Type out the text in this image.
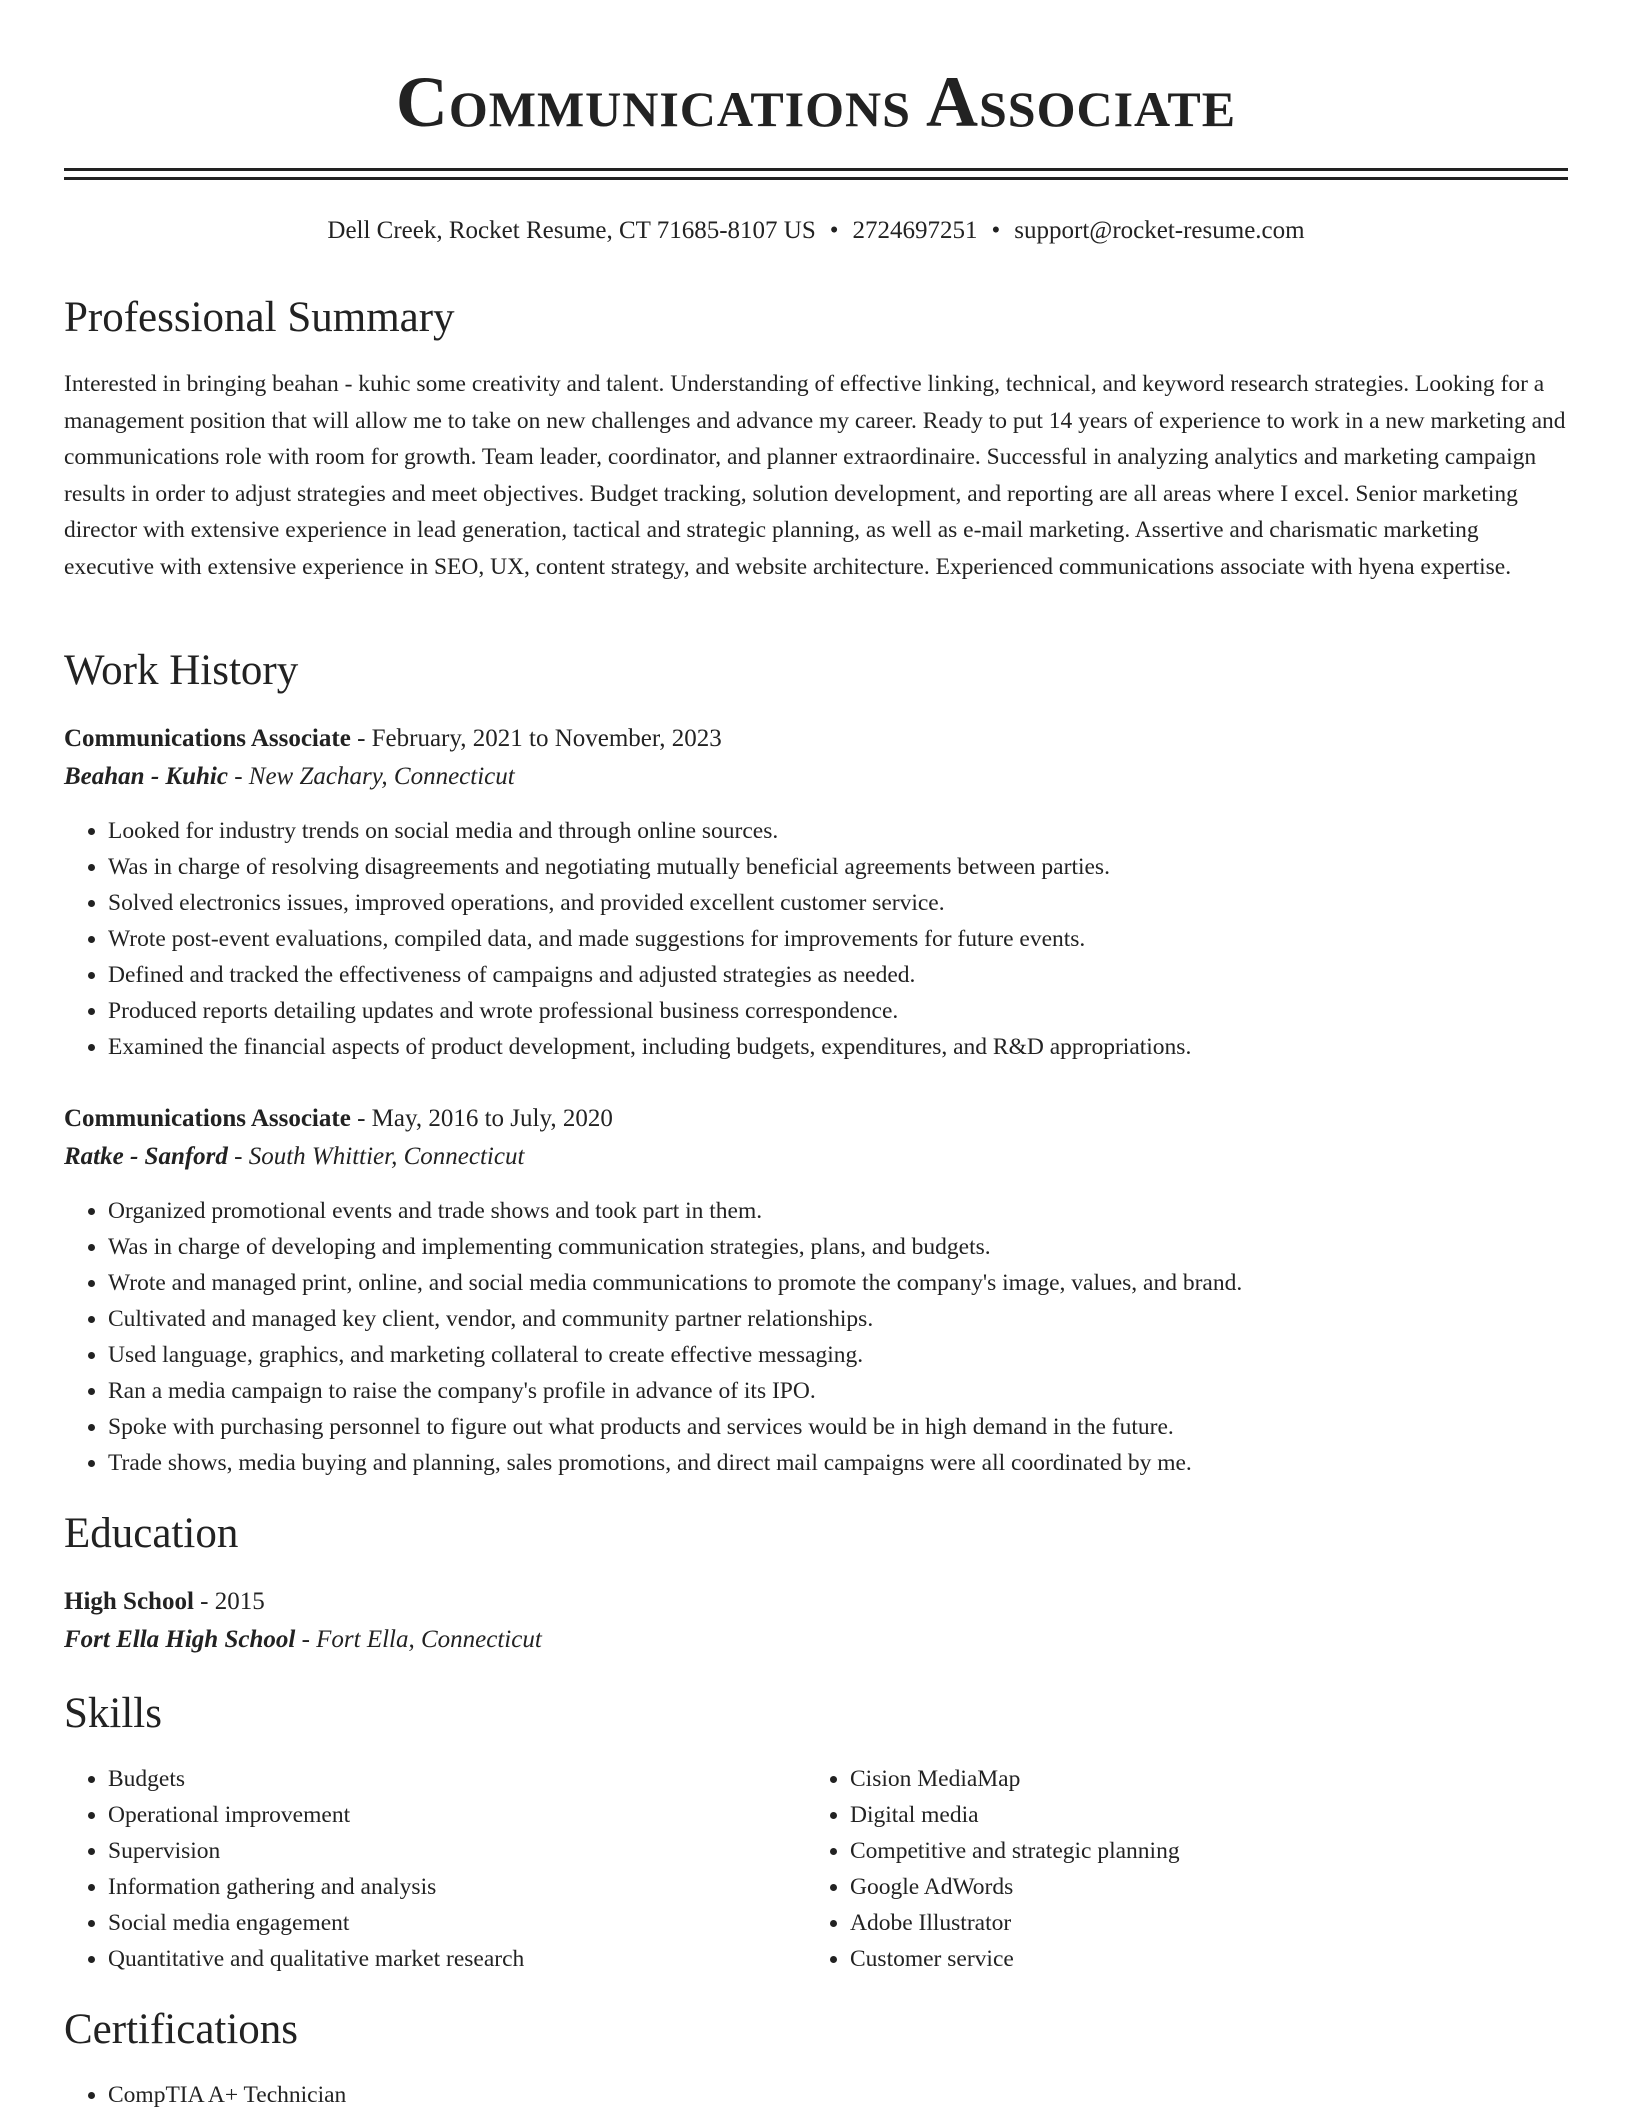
Communications Associate
Dell Creek, Rocket Resume, CT 71685-8107 US • 2724697251 • support@rocket-resume.com
Professional Summary
Interested in bringing beahan - kuhic some creativity and talent. Understanding of effective linking, technical, and keyword research strategies. Looking for a management position that will allow me to take on new challenges and advance my career. Ready to put 14 years of experience to work in a new marketing and communications role with room for growth. Team leader, coordinator, and planner extraordinaire. Successful in analyzing analytics and marketing campaign results in order to adjust strategies and meet objectives. Budget tracking, solution development, and reporting are all areas where I excel. Senior marketing director with extensive experience in lead generation, tactical and strategic planning, as well as e-mail marketing. Assertive and charismatic marketing executive with extensive experience in SEO, UX, content strategy, and website architecture. Experienced communications associate with hyena expertise.
Work History
Communications Associate - February, 2021 to November, 2023
Beahan - Kuhic - New Zachary, Connecticut
• Looked for industry trends on social media and through online sources.
• Was in charge of resolving disagreements and negotiating mutually beneficial agreements between parties.
• Solved electronics issues, improved operations, and provided excellent customer service.
• Wrote post-event evaluations, compiled data, and made suggestions for improvements for future events.
• Defined and tracked the effectiveness of campaigns and adjusted strategies as needed.
• Produced reports detailing updates and wrote professional business correspondence.
• Examined the financial aspects of product development, including budgets, expenditures, and R&D appropriations.
Communications Associate - May, 2016 to July, 2020
Ratke - Sanford - South Whittier, Connecticut
• Organized promotional events and trade shows and took part in them.
• Was in charge of developing and implementing communication strategies, plans, and budgets.
• Wrote and managed print, online, and social media communications to promote the company's image, values, and brand.
• Cultivated and managed key client, vendor, and community partner relationships.
• Used language, graphics, and marketing collateral to create effective messaging.
• Ran a media campaign to raise the company's profile in advance of its IPO.
• Spoke with purchasing personnel to figure out what products and services would be in high demand in the future.
• Trade shows, media buying and planning, sales promotions, and direct mail campaigns were all coordinated by me.
Education
High School - 2015
Fort Ella High School - Fort Ella, Connecticut
Skills
• Budgets
• Operational improvement
• Supervision
• Information gathering and analysis
• Social media engagement
• Quantitative and qualitative market research
• Cision MediaMap
• Digital media
• Competitive and strategic planning
• Google AdWords
• Adobe Illustrator
• Customer service
Certifications
• CompTIA A+ Technician
